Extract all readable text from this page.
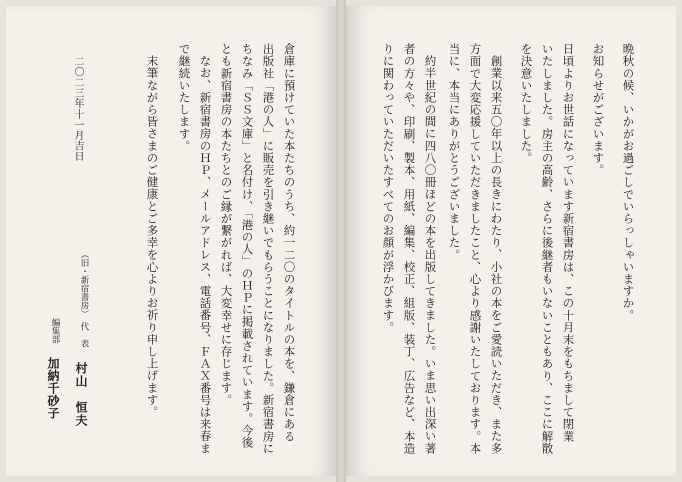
晩秋の候、いかがお過ごしでいらっしゃいますか。
お知らせがございます。
日頃よりお世話になっています新宿書房は、この十月末をもちまして閉業
いたしました。房主の高齢、さらに後継者もいないこともあり、ここに解散
を決意いたしました。
創業以来五〇年以上の長きにわたり、小社の本をご愛読いただき、また多
方面で大変応援していただきましたこと、心より感謝いたしております。本
当に、本当にありがとうございました。
約半世紀の間に四八〇冊ほどの本を出版してきました。いま思い出深い著
者の方々や、印刷、製本、用紙、編集、校正、組版、装丁、広告など、本造
りに関わっていただいたすべてのお顔が浮かびます。
倉庫に預けていた本たちのうち、約一二〇のタイトルの本を、鎌倉にある
出版社「港の人」に販売を引き継いでもらうことになりました。新宿書房に
ちなみ「ＳＳ文庫」と名付け、「港の人」のＨＰに掲載されています。今後
とも新宿書房の本たちとのご縁が繋がれば、大変幸せに存じます。
なお、新宿書房のＨＰ、メールアドレス、電話番号、ＦＡＸ番号は来春ま
で継続いたします。
末筆ながら皆さまのご健康とご多幸を心よりお祈り申し上げます。
二〇二三年十一月吉日
（旧・新宿書房）
代　表
村山　恒夫
編集部
加納千砂子
